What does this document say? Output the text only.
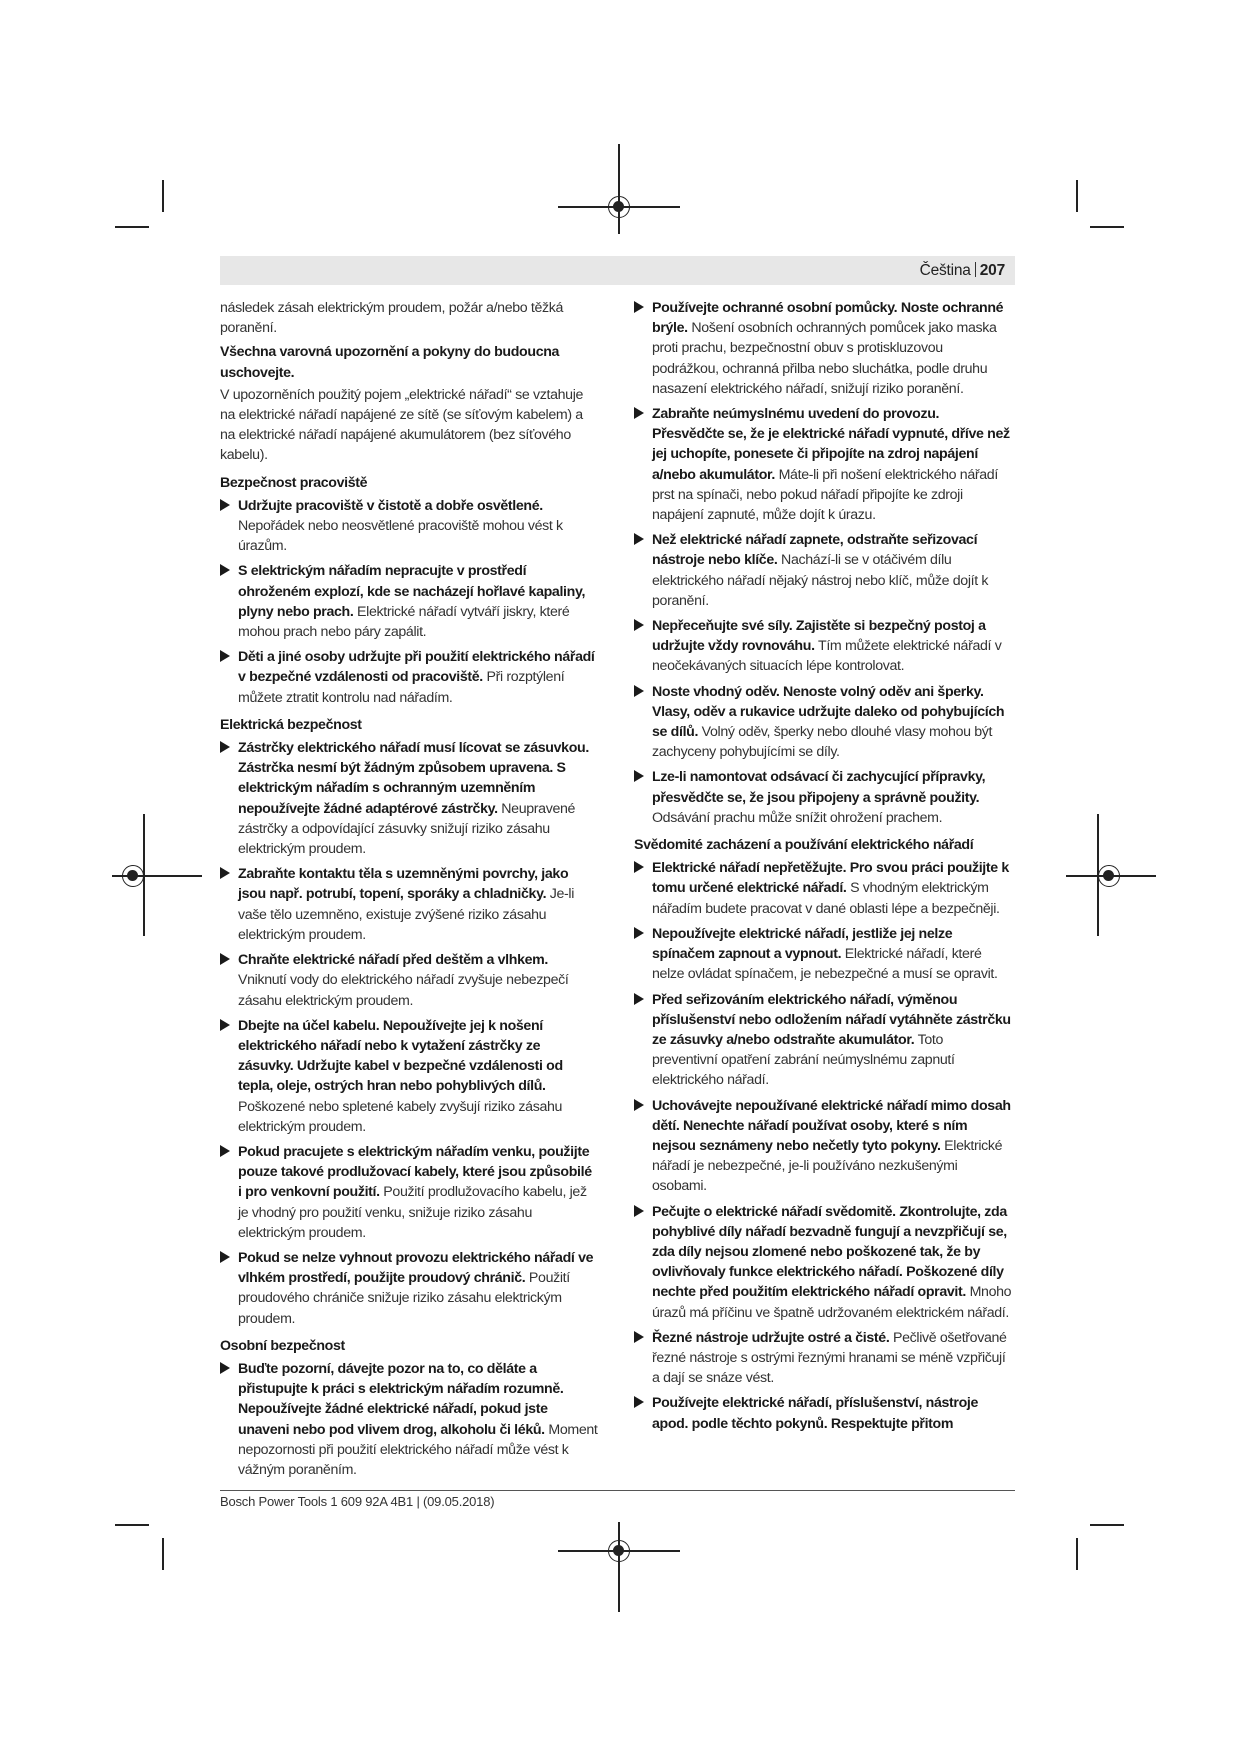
Čeština 207

následek zásah elektrickým proudem, požár a/nebo těžká poranění.

Všechna varovná upozornění a pokyny do budoucna uschovejte.

V upozorněních použitý pojem „elektrické nářadí“ se vztahuje na elektrické nářadí napájené ze sítě (se síťovým kabelem) a na elektrické nářadí napájené akumulátorem (bez síťového kabelu).

Bezpečnost pracoviště

Udržujte pracoviště v čistotě a dobře osvětlené. Nepořádek nebo neosvětlené pracoviště mohou vést k úrazům.
S elektrickým nářadím nepracujte v prostředí ohroženém explozí, kde se nacházejí hořlavé kapaliny, plyny nebo prach. Elektrické nářadí vytváří jiskry, které mohou prach nebo páry zapálit.
Děti a jiné osoby udržujte při použití elektrického nářadí v bezpečné vzdálenosti od pracoviště. Při rozptýlení můžete ztratit kontrolu nad nářadím.

Elektrická bezpečnost

Zástrčky elektrického nářadí musí lícovat se zásuvkou. Zástrčka nesmí být žádným způsobem upravena. S elektrickým nářadím s ochranným uzemněním nepoužívejte žádné adaptérové zástrčky. Neupravené zástrčky a odpovídající zásuvky snižují riziko zásahu elektrickým proudem.
Zabraňte kontaktu těla s uzemněnými povrchy, jako jsou např. potrubí, topení, sporáky a chladničky. Je-li vaše tělo uzemněno, existuje zvýšené riziko zásahu elektrickým proudem.
Chraňte elektrické nářadí před deštěm a vlhkem. Vniknutí vody do elektrického nářadí zvyšuje nebezpečí zásahu elektrickým proudem.
Dbejte na účel kabelu. Nepoužívejte jej k nošení elektrického nářadí nebo k vytažení zástrčky ze zásuvky. Udržujte kabel v bezpečné vzdálenosti od tepla, oleje, ostrých hran nebo pohyblivých dílů. Poškozené nebo spletené kabely zvyšují riziko zásahu elektrickým proudem.
Pokud pracujete s elektrickým nářadím venku, použijte pouze takové prodlužovací kabely, které jsou způsobilé i pro venkovní použití. Použití prodlužovacího kabelu, jež je vhodný pro použití venku, snižuje riziko zásahu elektrickým proudem.
Pokud se nelze vyhnout provozu elektrického nářadí ve vlhkém prostředí, použijte proudový chránič. Použití proudového chrániče snižuje riziko zásahu elektrickým proudem.

Osobní bezpečnost

Buďte pozorní, dávejte pozor na to, co děláte a přistupujte k práci s elektrickým nářadím rozumně. Nepoužívejte žádné elektrické nářadí, pokud jste unaveni nebo pod vlivem drog, alkoholu či léků. Moment nepozornosti při použití elektrického nářadí může vést k vážným poraněním.
Používejte ochranné osobní pomůcky. Noste ochranné brýle. Nošení osobních ochranných pomůcek jako maska proti prachu, bezpečnostní obuv s protiskluzovou podrážkou, ochranná přilba nebo sluchátka, podle druhu nasazení elektrického nářadí, snižují riziko poranění.
Zabraňte neúmyslnému uvedení do provozu. Přesvědčte se, že je elektrické nářadí vypnuté, dříve než jej uchopíte, ponesete či připojíte na zdroj napájení a/nebo akumulátor. Máte-li při nošení elektrického nářadí prst na spínači, nebo pokud nářadí připojíte ke zdroji napájení zapnuté, může dojít k úrazu.
Než elektrické nářadí zapnete, odstraňte seřizovací nástroje nebo klíče. Nachází-li se v otáčivém dílu elektrického nářadí nějaký nástroj nebo klíč, může dojít k poranění.
Nepřeceňujte své síly. Zajistěte si bezpečný postoj a udržujte vždy rovnováhu. Tím můžete elektrické nářadí v neočekávaných situacích lépe kontrolovat.
Noste vhodný oděv. Nenoste volný oděv ani šperky. Vlasy, oděv a rukavice udržujte daleko od pohybujících se dílů. Volný oděv, šperky nebo dlouhé vlasy mohou být zachyceny pohybujícími se díly.
Lze-li namontovat odsávací či zachycující přípravky, přesvědčte se, že jsou připojeny a správně použity. Odsávání prachu může snížit ohrožení prachem.

Svědomité zacházení a používání elektrického nářadí

Elektrické nářadí nepřetěžujte. Pro svou práci použijte k tomu určené elektrické nářadí. S vhodným elektrickým nářadím budete pracovat v dané oblasti lépe a bezpečněji.
Nepoužívejte elektrické nářadí, jestliže jej nelze spínačem zapnout a vypnout. Elektrické nářadí, které nelze ovládat spínačem, je nebezpečné a musí se opravit.
Před seřizováním elektrického nářadí, výměnou příslušenství nebo odložením nářadí vytáhněte zástrčku ze zásuvky a/nebo odstraňte akumulátor. Toto preventivní opatření zabrání neúmyslnému zapnutí elektrického nářadí.
Uchovávejte nepoužívané elektrické nářadí mimo dosah dětí. Nenechte nářadí používat osoby, které s ním nejsou seznámeny nebo nečetly tyto pokyny. Elektrické nářadí je nebezpečné, je-li používáno nezkušenými osobami.
Pečujte o elektrické nářadí svědomitě. Zkontrolujte, zda pohyblivé díly nářadí bezvadně fungují a nevzpřičují se, zda díly nejsou zlomené nebo poškozené tak, že by ovlivňovaly funkce elektrického nářadí. Poškozené díly nechte před použitím elektrického nářadí opravit. Mnoho úrazů má příčinu ve špatně udržovaném elektrickém nářadí.
Řezné nástroje udržujte ostré a čisté. Pečlivě ošetřované řezné nástroje s ostrými řeznými hranami se méně vzpřičují a dají se snáze vést.
Používejte elektrické nářadí, příslušenství, nástroje apod. podle těchto pokynů. Respektujte přitom
Bosch Power Tools 1 609 92A 4B1 | (09.05.2018)
